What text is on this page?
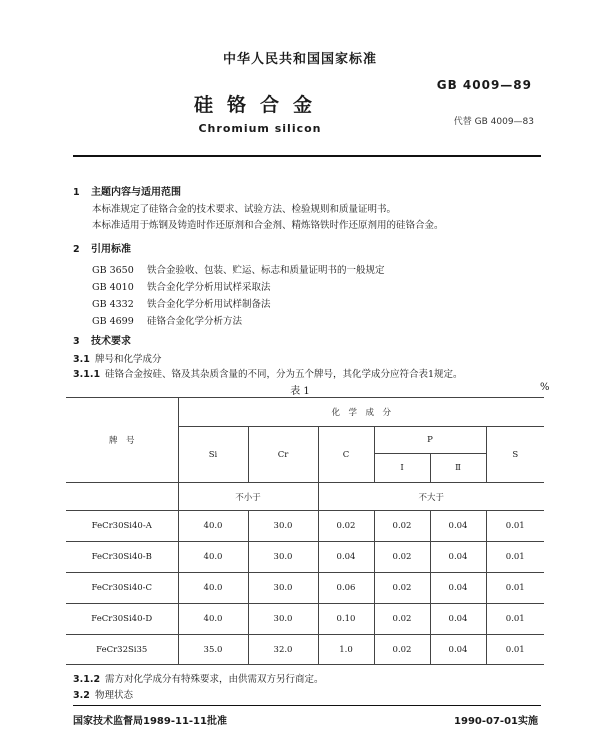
中华人民共和国国家标准
GB 4009—89
硅铬合金
代替 GB 4009—83
Chromium silicon
1 主题内容与适用范围
本标准规定了硅铬合金的技术要求、试验方法、检验规则和质量证明书。
本标准适用于炼钢及铸造时作还原剂和合金剂、精炼铬铁时作还原剂用的硅铬合金。
2 引用标准
GB 3650 铁合金验收、包装、贮运、标志和质量证明书的一般规定
GB 4010 铁合金化学分析用试样采取法
GB 4332 铁合金化学分析用试样制备法
GB 4699 硅铬合金化学分析方法
3 技术要求
3.1 牌号和化学成分
3.1.1 硅铬合金按硅、铬及其杂质含量的不同，分为五个牌号，其化学成分应符合表1规定。
表 1	%
牌　号	化　学　成　分					
	Si	Cr	C	P		S
				Ⅰ	Ⅱ	
	不小于		不大于			
FeCr30Si40-A	40.0	30.0	0.02	0.02	0.04	0.01
FeCr30Si40-B	40.0	30.0	0.04	0.02	0.04	0.01
FeCr30Si40-C	40.0	30.0	0.06	0.02	0.04	0.01
FeCr30Si40-D	40.0	30.0	0.10	0.02	0.04	0.01
FeCr32Si35	35.0	32.0	1.0	0.02	0.04	0.01
3.1.2 需方对化学成分有特殊要求，由供需双方另行商定。
3.2 物理状态
国家技术监督局1989-11-11批准	1990-07-01实施
